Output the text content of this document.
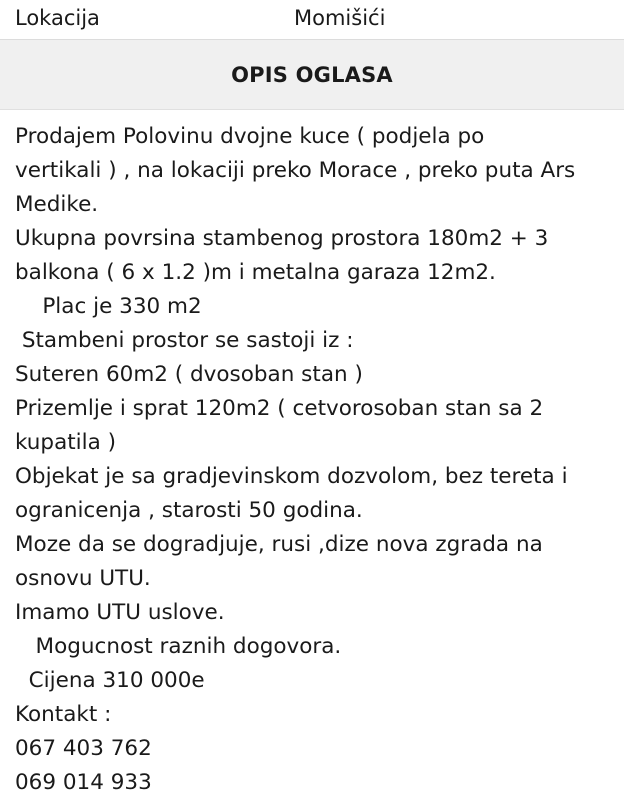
Lokacija	Momišići
OPIS OGLASA

Prodajem Polovinu dvojne kuce ( podjela po
vertikali ) , na lokaciji preko Morace , preko puta Ars
Medike.
Ukupna povrsina stambenog prostora 180m2 + 3
balkona ( 6 x 1.2 )m i metalna garaza 12m2.
Plac je 330 m2
Stambeni prostor se sastoji iz :
Suteren 60m2 ( dvosoban stan )
Prizemlje i sprat 120m2 ( cetvorosoban stan sa 2
kupatila )
Objekat je sa gradjevinskom dozvolom, bez tereta i
ogranicenja , starosti 50 godina.
Moze da se dogradjuje, rusi ,dize nova zgrada na
osnovu UTU.
Imamo UTU uslove.
Mogucnost raznih dogovora.
Cijena 310 000e
Kontakt :
067 403 762
069 014 933
